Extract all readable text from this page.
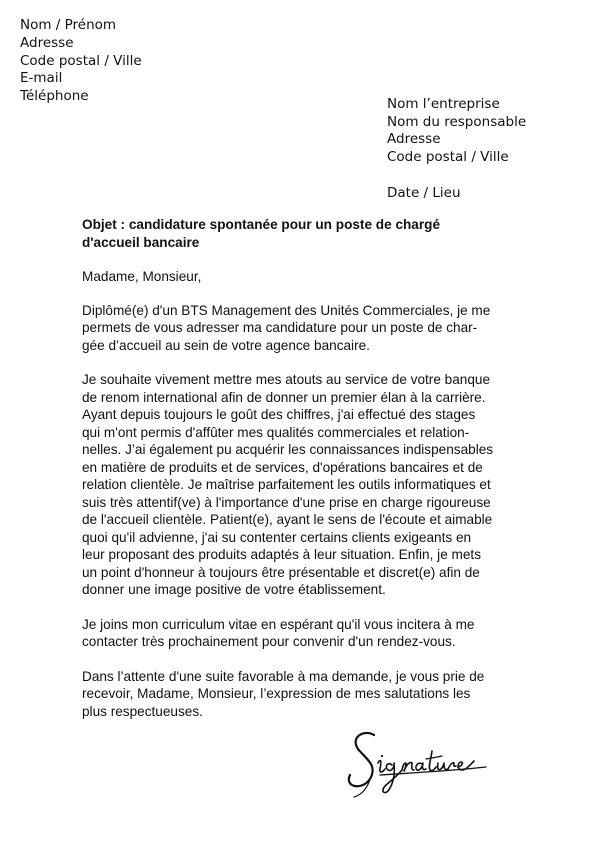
Nom / Prénom
Adresse
Code postal / Ville
E-mail
Téléphone	Nom l’entreprise
Nom du responsable
Adresse
Code postal / Ville
Date / Lieu
Objet : candidature spontanée pour un poste de chargé
d'accueil bancaire
Madame, Monsieur,
Diplômé(e) d'un BTS Management des Unités Commerciales, je me
permets de vous adresser ma candidature pour un poste de char-
gée d’accueil au sein de votre agence bancaire.
Je souhaite vivement mettre mes atouts au service de votre banque
de renom international afin de donner un premier élan à la carrière.
Ayant depuis toujours le goût des chiffres, j'ai effectué des stages
qui m'ont permis d'affûter mes qualités commerciales et relation-
nelles. J’ai également pu acquérir les connaissances indispensables
en matière de produits et de services, d'opérations bancaires et de
relation clientèle. Je maîtrise parfaitement les outils informatiques et
suis très attentif(ve) à l'importance d'une prise en charge rigoureuse
de l'accueil clientèle. Patient(e), ayant le sens de l'écoute et aimable
quoi qu'il advienne, j'ai su contenter certains clients exigeants en
leur proposant des produits adaptés à leur situation. Enfin, je mets
un point d'honneur à toujours être présentable et discret(e) afin de
donner une image positive de votre établissement.
Je joins mon curriculum vitae en espérant qu'il vous incitera à me
contacter très prochainement pour convenir d'un rendez-vous.
Dans l’attente d'une suite favorable à ma demande, je vous prie de
recevoir, Madame, Monsieur, l’expression de mes salutations les
plus respectueuses.
